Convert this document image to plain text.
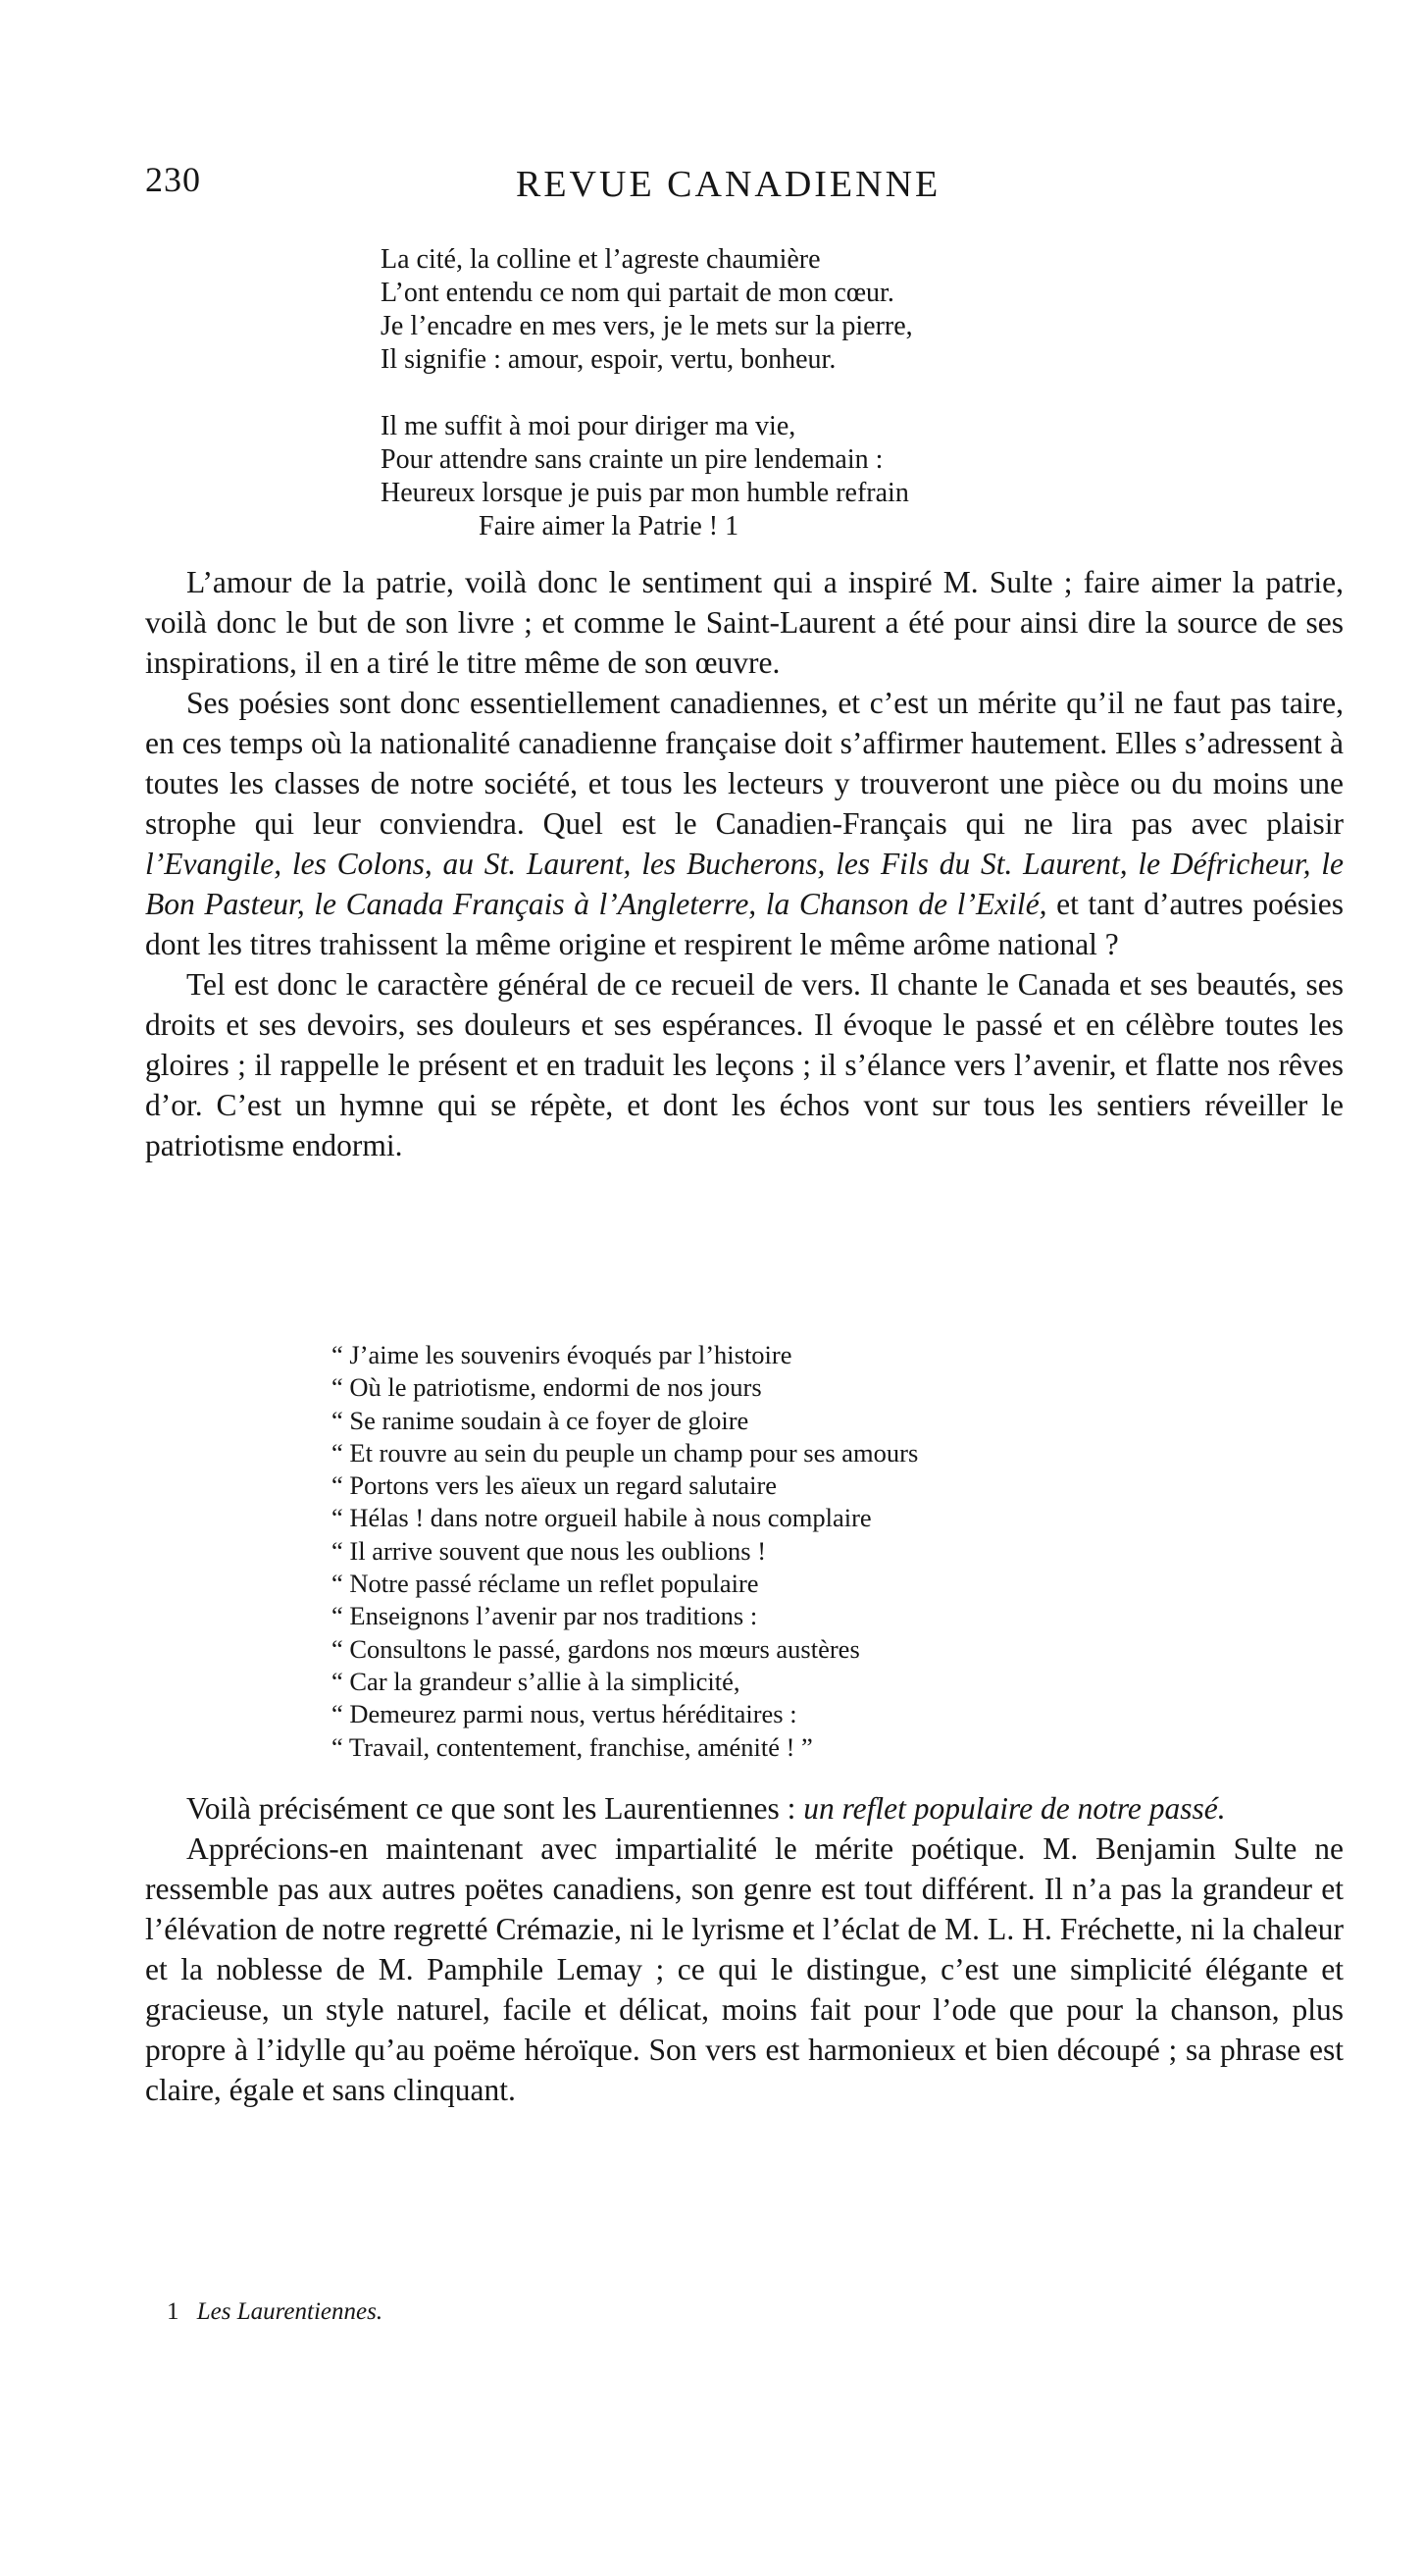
230	REVUE CANADIENNE
La cité, la colline et l’agreste chaumière
L’ont entendu ce nom qui partait de mon cœur.
Je l’encadre en mes vers, je le mets sur la pierre,
Il signifie : amour, espoir, vertu, bonheur.
Il me suffit à moi pour diriger ma vie,
Pour attendre sans crainte un pire lendemain :
Heureux lorsque je puis par mon humble refrain
Faire aimer la Patrie ! 1

L’amour de la patrie, voilà donc le sentiment qui a inspiré M. Sulte ; faire aimer la patrie, voilà donc le but de son livre ; et comme le Saint-Laurent a été pour ainsi dire la source de ses inspirations, il en a tiré le titre même de son œuvre.

Ses poésies sont donc essentiellement canadiennes, et c’est un mérite qu’il ne faut pas taire, en ces temps où la nationalité canadienne française doit s’affirmer hautement. Elles s’adressent à toutes les classes de notre société, et tous les lecteurs y trouveront une pièce ou du moins une strophe qui leur conviendra. Quel est le Canadien-Français qui ne lira pas avec plaisir l’Evangile, les Colons, au St. Laurent, les Bucherons, les Fils du St. Laurent, le Défricheur, le Bon Pasteur, le Canada Français à l’Angleterre, la Chanson de l’Exilé, et tant d’autres poésies dont les titres trahissent la même origine et respirent le même arôme national ?

Tel est donc le caractère général de ce recueil de vers. Il chante le Canada et ses beautés, ses droits et ses devoirs, ses douleurs et ses espérances. Il évoque le passé et en célèbre toutes les gloires ; il rappelle le présent et en traduit les leçons ; il s’élance vers l’avenir, et flatte nos rêves d’or. C’est un hymne qui se répète, et dont les échos vont sur tous les sentiers réveiller le patriotisme endormi.

“ J’aime les souvenirs évoqués par l’histoire
“ Où le patriotisme, endormi de nos jours
“ Se ranime soudain à ce foyer de gloire
“ Et rouvre au sein du peuple un champ pour ses amours
“ Portons vers les aïeux un regard salutaire
“ Hélas ! dans notre orgueil habile à nous complaire
“ Il arrive souvent que nous les oublions !
“ Notre passé réclame un reflet populaire
“ Enseignons l’avenir par nos traditions :
“ Consultons le passé, gardons nos mœurs austères
“ Car la grandeur s’allie à la simplicité,
“ Demeurez parmi nous, vertus héréditaires :
“ Travail, contentement, franchise, aménité ! ”

Voilà précisément ce que sont les Laurentiennes : un reflet populaire de notre passé.

Apprécions-en maintenant avec impartialité le mérite poétique. M. Benjamin Sulte ne ressemble pas aux autres poëtes canadiens, son genre est tout différent. Il n’a pas la grandeur et l’élévation de notre regretté Crémazie, ni le lyrisme et l’éclat de M. L. H. Fréchette, ni la chaleur et la noblesse de M. Pamphile Lemay ; ce qui le distingue, c’est une simplicité élégante et gracieuse, un style naturel, facile et délicat, moins fait pour l’ode que pour la chanson, plus propre à l’idylle qu’au poëme héroïque. Son vers est harmonieux et bien découpé ; sa phrase est claire, égale et sans clinquant.

1 Les Laurentiennes.
